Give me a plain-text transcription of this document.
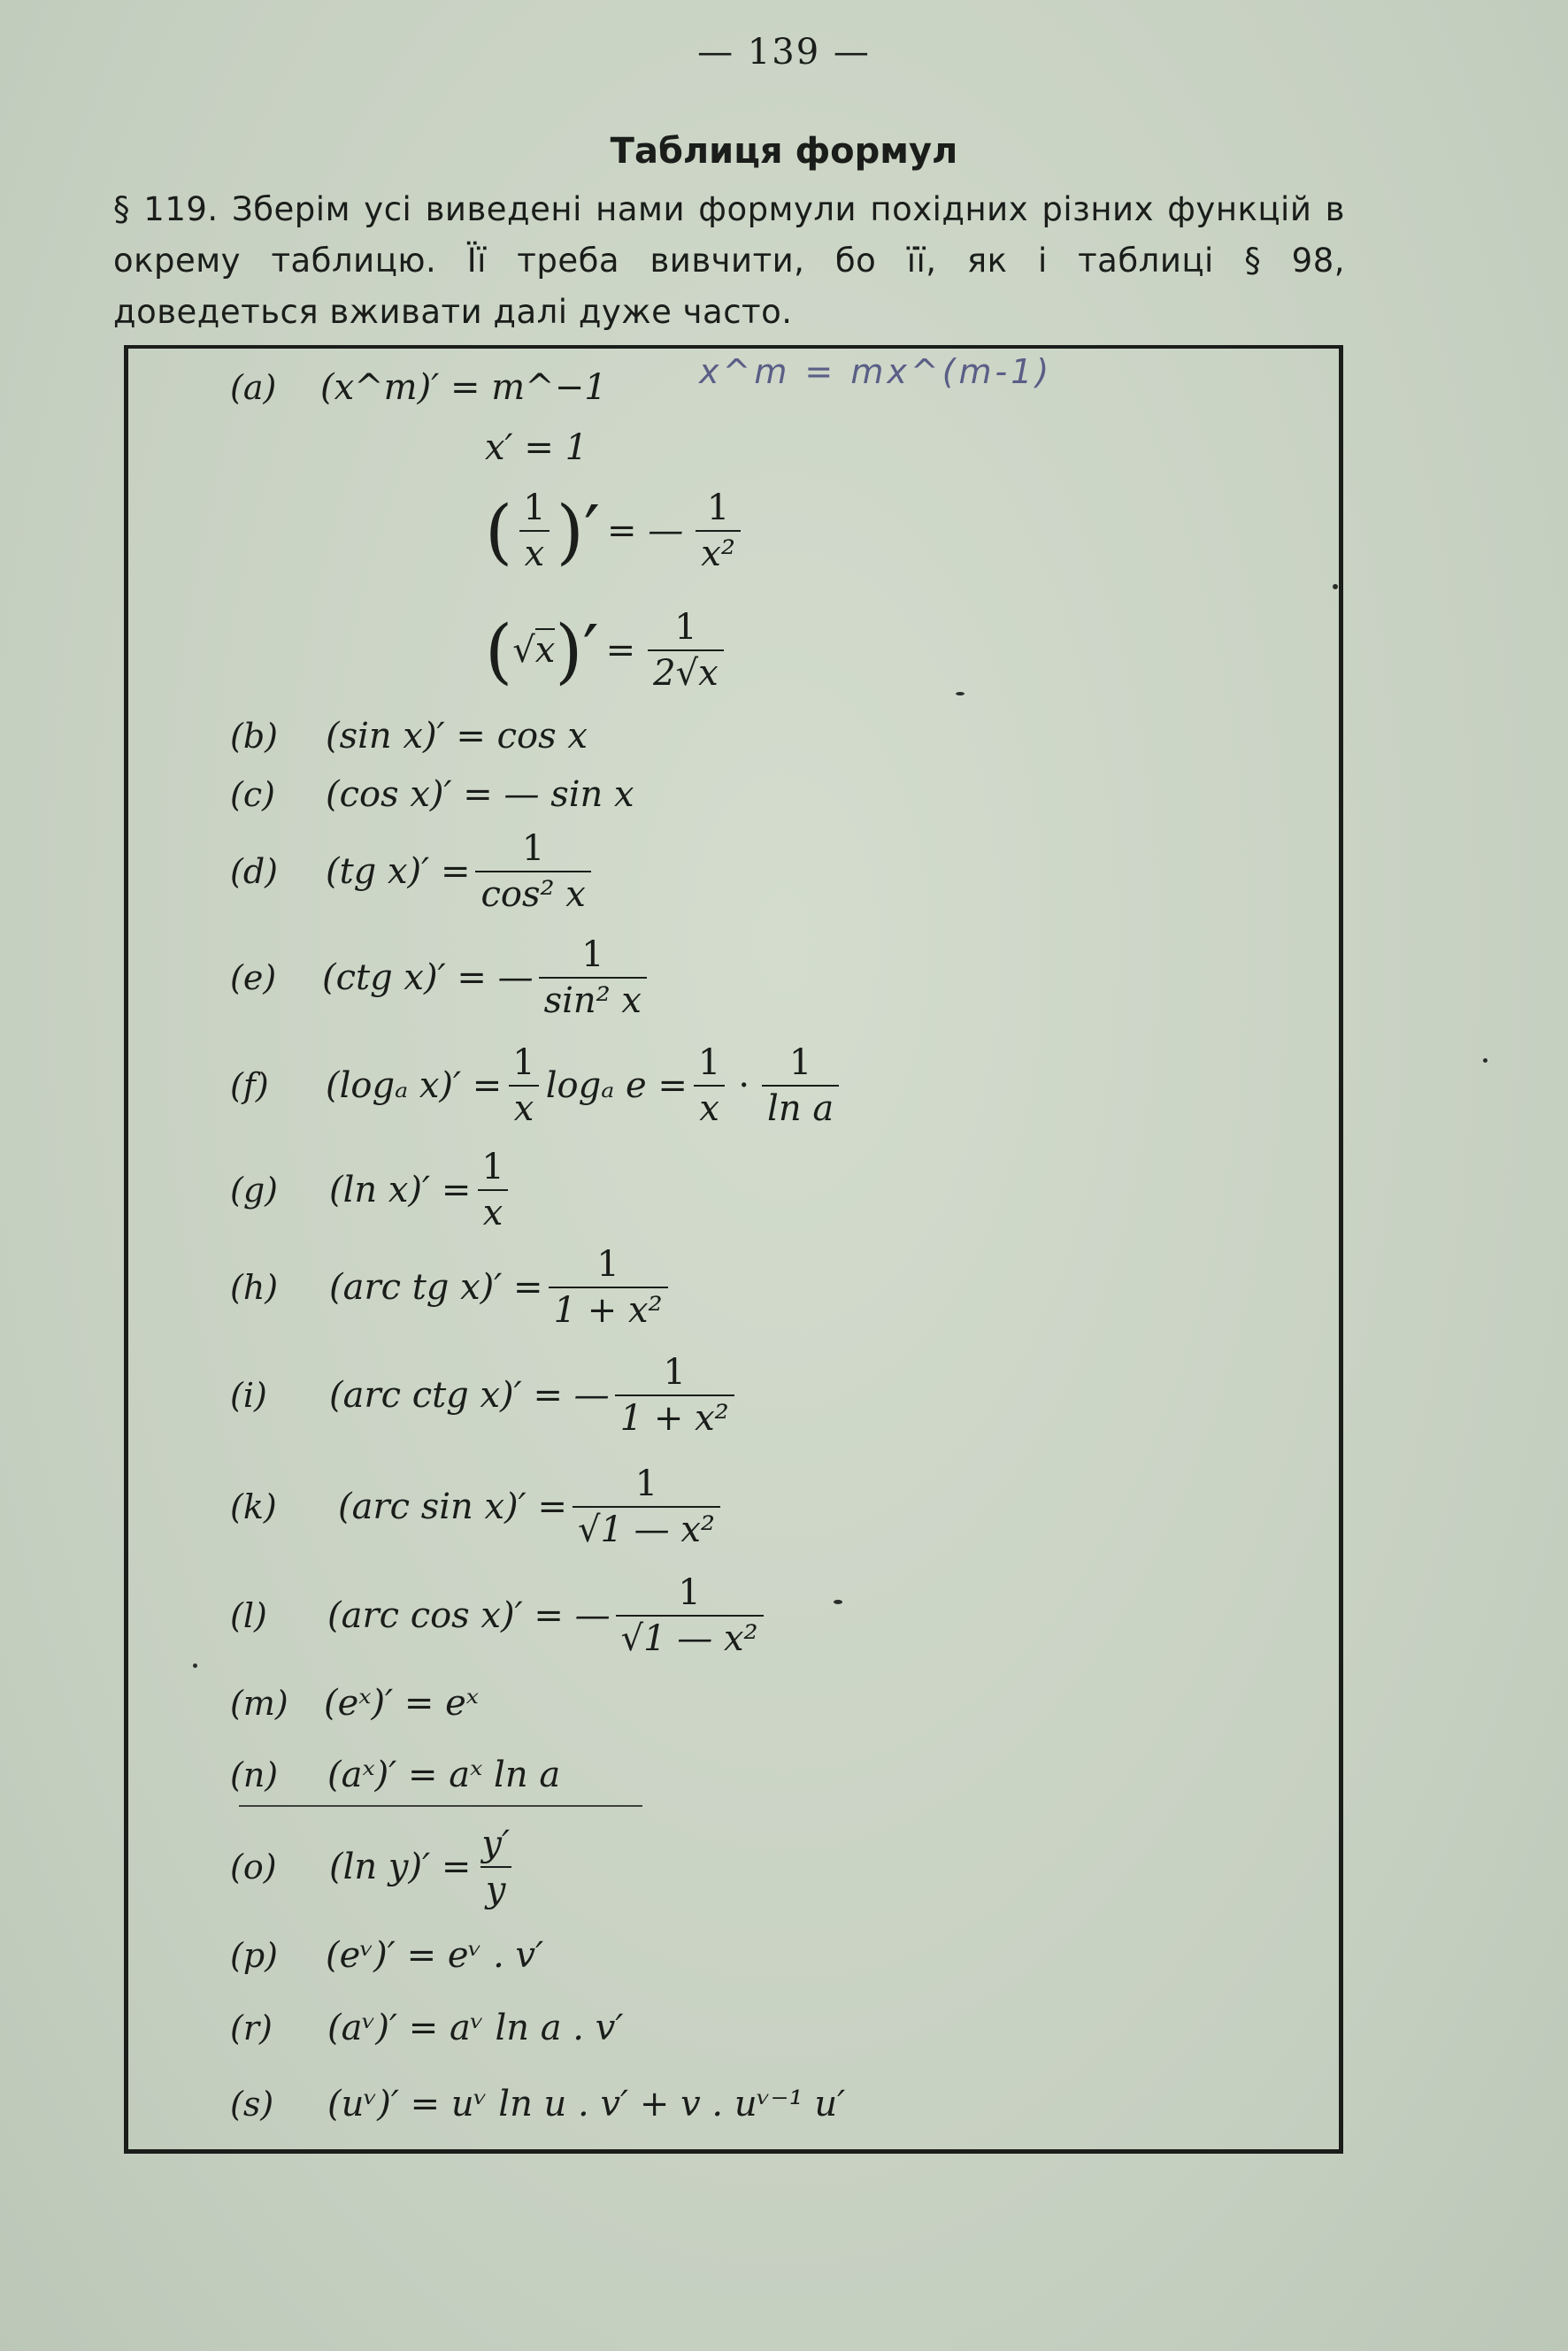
— 139 —
Таблиця формул
§ 119. Зберім усі виведені нами формули похідних різних функцій в окрему таблицю. Її треба вивчити, бо її, як і таблиці § 98, доведеться вживати далі дуже часто.
x^m = mx^(m-1)
(a) (x^m)′ = m^−1
x′ = 1
( $\frac{1}{x}$ )′ = — $\frac{1}{\text{x²}}$
( √x )′ = $\frac{1}{2√x}$
(b) (sin x)′ = cos x
(c) (cos x)′ = — sin x
(d) (tg $x)' = \frac{1}{\text{cos² x}}$
(e) (ctg x)′ = — $\frac{1}{\text{sin² x}}$
(f) (logₐ $x)' = \frac{1}{x}$ logₐ $e = \frac{1}{x} \cdot \frac{1}{\text{ln a}}$
(g) (ln $x)' = \frac{1}{x}$
(h) (arc tg $x)' = \frac{1}{\text{1 + x²}}$
(i) (arc ctg x)′ = — $\frac{1}{\text{1 + x²}}$
(k) (arc $\sin x)' = \frac{1}{\text{√1 — x²}}$
(l) (arc cos x)′ = — $\frac{1}{\text{√1 — x²}}$
(m) (eˣ)′ = eˣ
(n) (aˣ)′ = aˣ ln a
(o) (ln $y)' = \frac{y'}{y}$
(p) (eᵛ)′ = eᵛ . v′
(r) (aᵛ)′ = aᵛ ln a . v′
(s) (uᵛ)′ = uᵛ ln u . v′ + v . uᵛ⁻¹ u′
